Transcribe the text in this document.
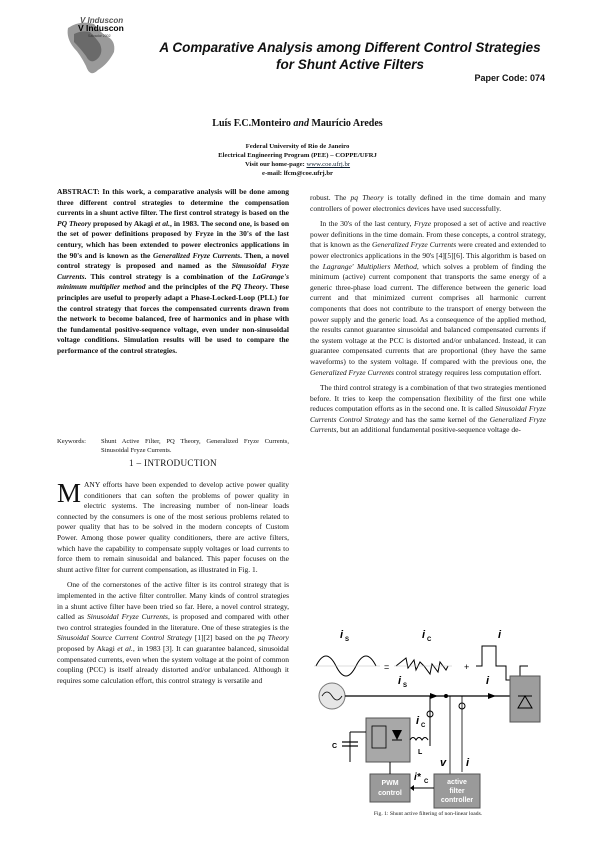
V Induscon
V Induscon
Salvador 2002
A Comparative Analysis among Different Control Strategies
for Shunt Active Filters
Paper Code: 074
Luís F.C.Monteiro and Maurício Aredes
Federal University of Rio de Janeiro
Electrical Engineering Program (PEE) – COPPE/UFRJ
Visit our home-page: www.coe.ufrj.br
e-mail: lfcm@coe.ufrj.br
ABSTRACT: In this work, a comparative analysis will be done among three different control strategies to determine the compensation currents in a shunt active filter. The first control strategy is based on the PQ Theory proposed by Akagi et al., in 1983. The second one, is based on the set of power definitions proposed by Fryze in the 30's of the last century, which has been extended to power electronics applications in the 90's and is known as the Generalized Fryze Currents. Then, a novel control strategy is proposed and named as the Simusoidal Fryze Currents. This control strategy is a combination of the LaGrange's minimum multiplier method and the principles of the PQ Theory. These principles are useful to properly adapt a Phase-Locked-Loop (PLL) for the control strategy that forces the compensated currents drawn from the network to become balanced, free of harmonics and in phase with the fundamental positive-sequence voltage, even under non-sinusoidal voltage conditions. Simulation results will be used to compare the performance of the control strategies.
Keywords:	Shunt Active Filter, PQ Theory, Generalized Fryze Currents, Sinusoidal Fryze Currents.
1 – INTRODUCTION

MANY efforts have been expended to develop active power quality conditioners that can soften the problems of power quality in electric systems. The increasing number of non-linear loads connected by the consumers is one of the most serious problems related to power quality that has to be solved in the modern concepts of Custom Power. Among those power quality conditioners, there are active filters, which have the capability to compensate supply voltages or load currents to force them to remain sinusoidal and balanced. This paper focuses on the shunt active filter for current compensation, as illustrated in Fig. 1.

One of the cornerstones of the active filter is its control strategy that is implemented in the active filter controller. Many kinds of control strategies in a shunt active filter have been tried so far. Here, a novel control strategy, called as Sinusoidal Fryze Currents, is proposed and compared with other two control strategies founded in the literature. One of these strategies is the Sinusoidal Source Current Control Strategy [1][2] based on the pq Theory proposed by Akagi et al., in 1983 [3]. It can guarantee balanced, sinusoidal compensated currents, even when the system voltage at the point of common coupling (PCC) is itself already distorted and/or unbalanced. Although it requires some calculation effort, this control strategy is versatile and

robust. The pq Theory is totally defined in the time domain and many controllers of power electronics devices have used successfully.

In the 30's of the last century, Fryze proposed a set of active and reactive power definitions in the time domain. From these concepts, a control strategy, that is known as the Generalized Fryze Currents were created and extended to power electronics applications in the 90's [4][5][6]. This algorithm is based on the Lagrange' Multipliers Method, which solves a problem of finding the minimum (active) current component that transports the same energy of a generic three-phase load current. The difference between the generic load current and that minimized current comprises all harmonic current components that does not contribute to the transport of energy between the power supply and the generic load. As a consequence of the applied method, the results cannot guarantee sinusoidal and balanced compensated currents if the system voltage at the PCC is distorted and/or unbalanced. Instead, it can guarantee compensated currents that are proportional (they have the same waveforms) to the system voltage. If compared with the previous one, the Generalized Fryze Currents control strategy requires less computation effort.

The third control strategy is a combination of that two strategies mentioned before. It tries to keep the compensation flexibility of the first one while reduces computation efforts as in the second one. It is called Sinusoidal Fryze Currents Control Strategy and has the same kernel of the Generalized Fryze Currents, but an additional fundamental positive-sequence voltage de-

i S
=
i C
+
i
i S	i
i C
C
L
v i
PWM
control
active
filter
controller
i* C
Fig. 1: Shunt active filtering of non-linear loads.
